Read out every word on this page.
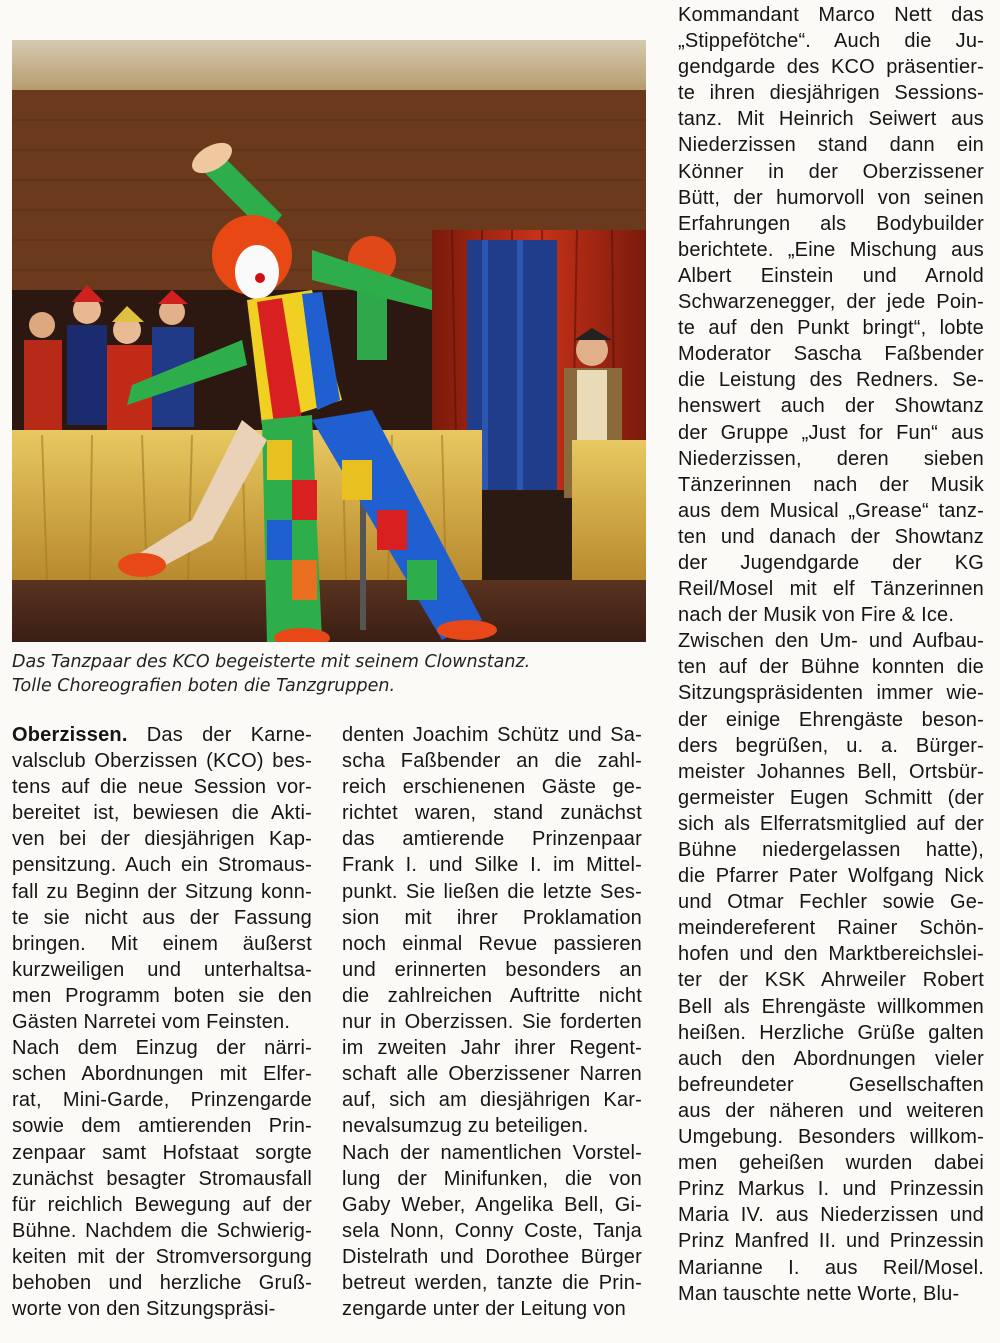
Das Tanzpaar des KCO begeisterte mit seinem Clownstanz.
Tolle Choreografien boten die Tanzgruppen.
Oberzissen. Das der Karne-
valsclub Oberzissen (KCO) bes-
tens auf die neue Session vor-
bereitet ist, bewiesen die Akti-
ven bei der diesjährigen Kap-
pensitzung. Auch ein Stromaus-
fall zu Beginn der Sitzung konn-
te sie nicht aus der Fassung
bringen. Mit einem äußerst
kurzweiligen und unterhaltsa-
men Programm boten sie den
Gästen Narretei vom Feinsten.
Nach dem Einzug der närri-
schen Abordnungen mit Elfer-
rat, Mini-Garde, Prinzengarde
sowie dem amtierenden Prin-
zenpaar samt Hofstaat sorgte
zunächst besagter Stromausfall
für reichlich Bewegung auf der
Bühne. Nachdem die Schwierig-
keiten mit der Stromversorgung
behoben und herzliche Gruß-
worte von den Sitzungspräsi-
denten Joachim Schütz und Sa-
scha Faßbender an die zahl-
reich erschienenen Gäste ge-
richtet waren, stand zunächst
das amtierende Prinzenpaar
Frank I. und Silke I. im Mittel-
punkt. Sie ließen die letzte Ses-
sion mit ihrer Proklamation
noch einmal Revue passieren
und erinnerten besonders an
die zahlreichen Auftritte nicht
nur in Oberzissen. Sie forderten
im zweiten Jahr ihrer Regent-
schaft alle Oberzissener Narren
auf, sich am diesjährigen Kar-
nevalsumzug zu beteiligen.
Nach der namentlichen Vorstel-
lung der Minifunken, die von
Gaby Weber, Angelika Bell, Gi-
sela Nonn, Conny Coste, Tanja
Distelrath und Dorothee Bürger
betreut werden, tanzte die Prin-
zengarde unter der Leitung von
Kommandant Marco Nett das
„Stippefötche“. Auch die Ju-
gendgarde des KCO präsentier-
te ihren diesjährigen Sessions-
tanz. Mit Heinrich Seiwert aus
Niederzissen stand dann ein
Könner in der Oberzissener
Bütt, der humorvoll von seinen
Erfahrungen als Bodybuilder
berichtete. „Eine Mischung aus
Albert Einstein und Arnold
Schwarzenegger, der jede Poin-
te auf den Punkt bringt“, lobte
Moderator Sascha Faßbender
die Leistung des Redners. Se-
henswert auch der Showtanz
der Gruppe „Just for Fun“ aus
Niederzissen, deren sieben
Tänzerinnen nach der Musik
aus dem Musical „Grease“ tanz-
ten und danach der Showtanz
der Jugendgarde der KG
Reil/Mosel mit elf Tänzerinnen
nach der Musik von Fire & Ice.
Zwischen den Um- und Aufbau-
ten auf der Bühne konnten die
Sitzungspräsidenten immer wie-
der einige Ehrengäste beson-
ders begrüßen, u. a. Bürger-
meister Johannes Bell, Ortsbür-
germeister Eugen Schmitt (der
sich als Elferratsmitglied auf der
Bühne niedergelassen hatte),
die Pfarrer Pater Wolfgang Nick
und Otmar Fechler sowie Ge-
meindereferent Rainer Schön-
hofen und den Marktbereichslei-
ter der KSK Ahrweiler Robert
Bell als Ehrengäste willkommen
heißen. Herzliche Grüße galten
auch den Abordnungen vieler
befreundeter Gesellschaften
aus der näheren und weiteren
Umgebung. Besonders willkom-
men geheißen wurden dabei
Prinz Markus I. und Prinzessin
Maria IV. aus Niederzissen und
Prinz Manfred II. und Prinzessin
Marianne I. aus Reil/Mosel.
Man tauschte nette Worte, Blu-
